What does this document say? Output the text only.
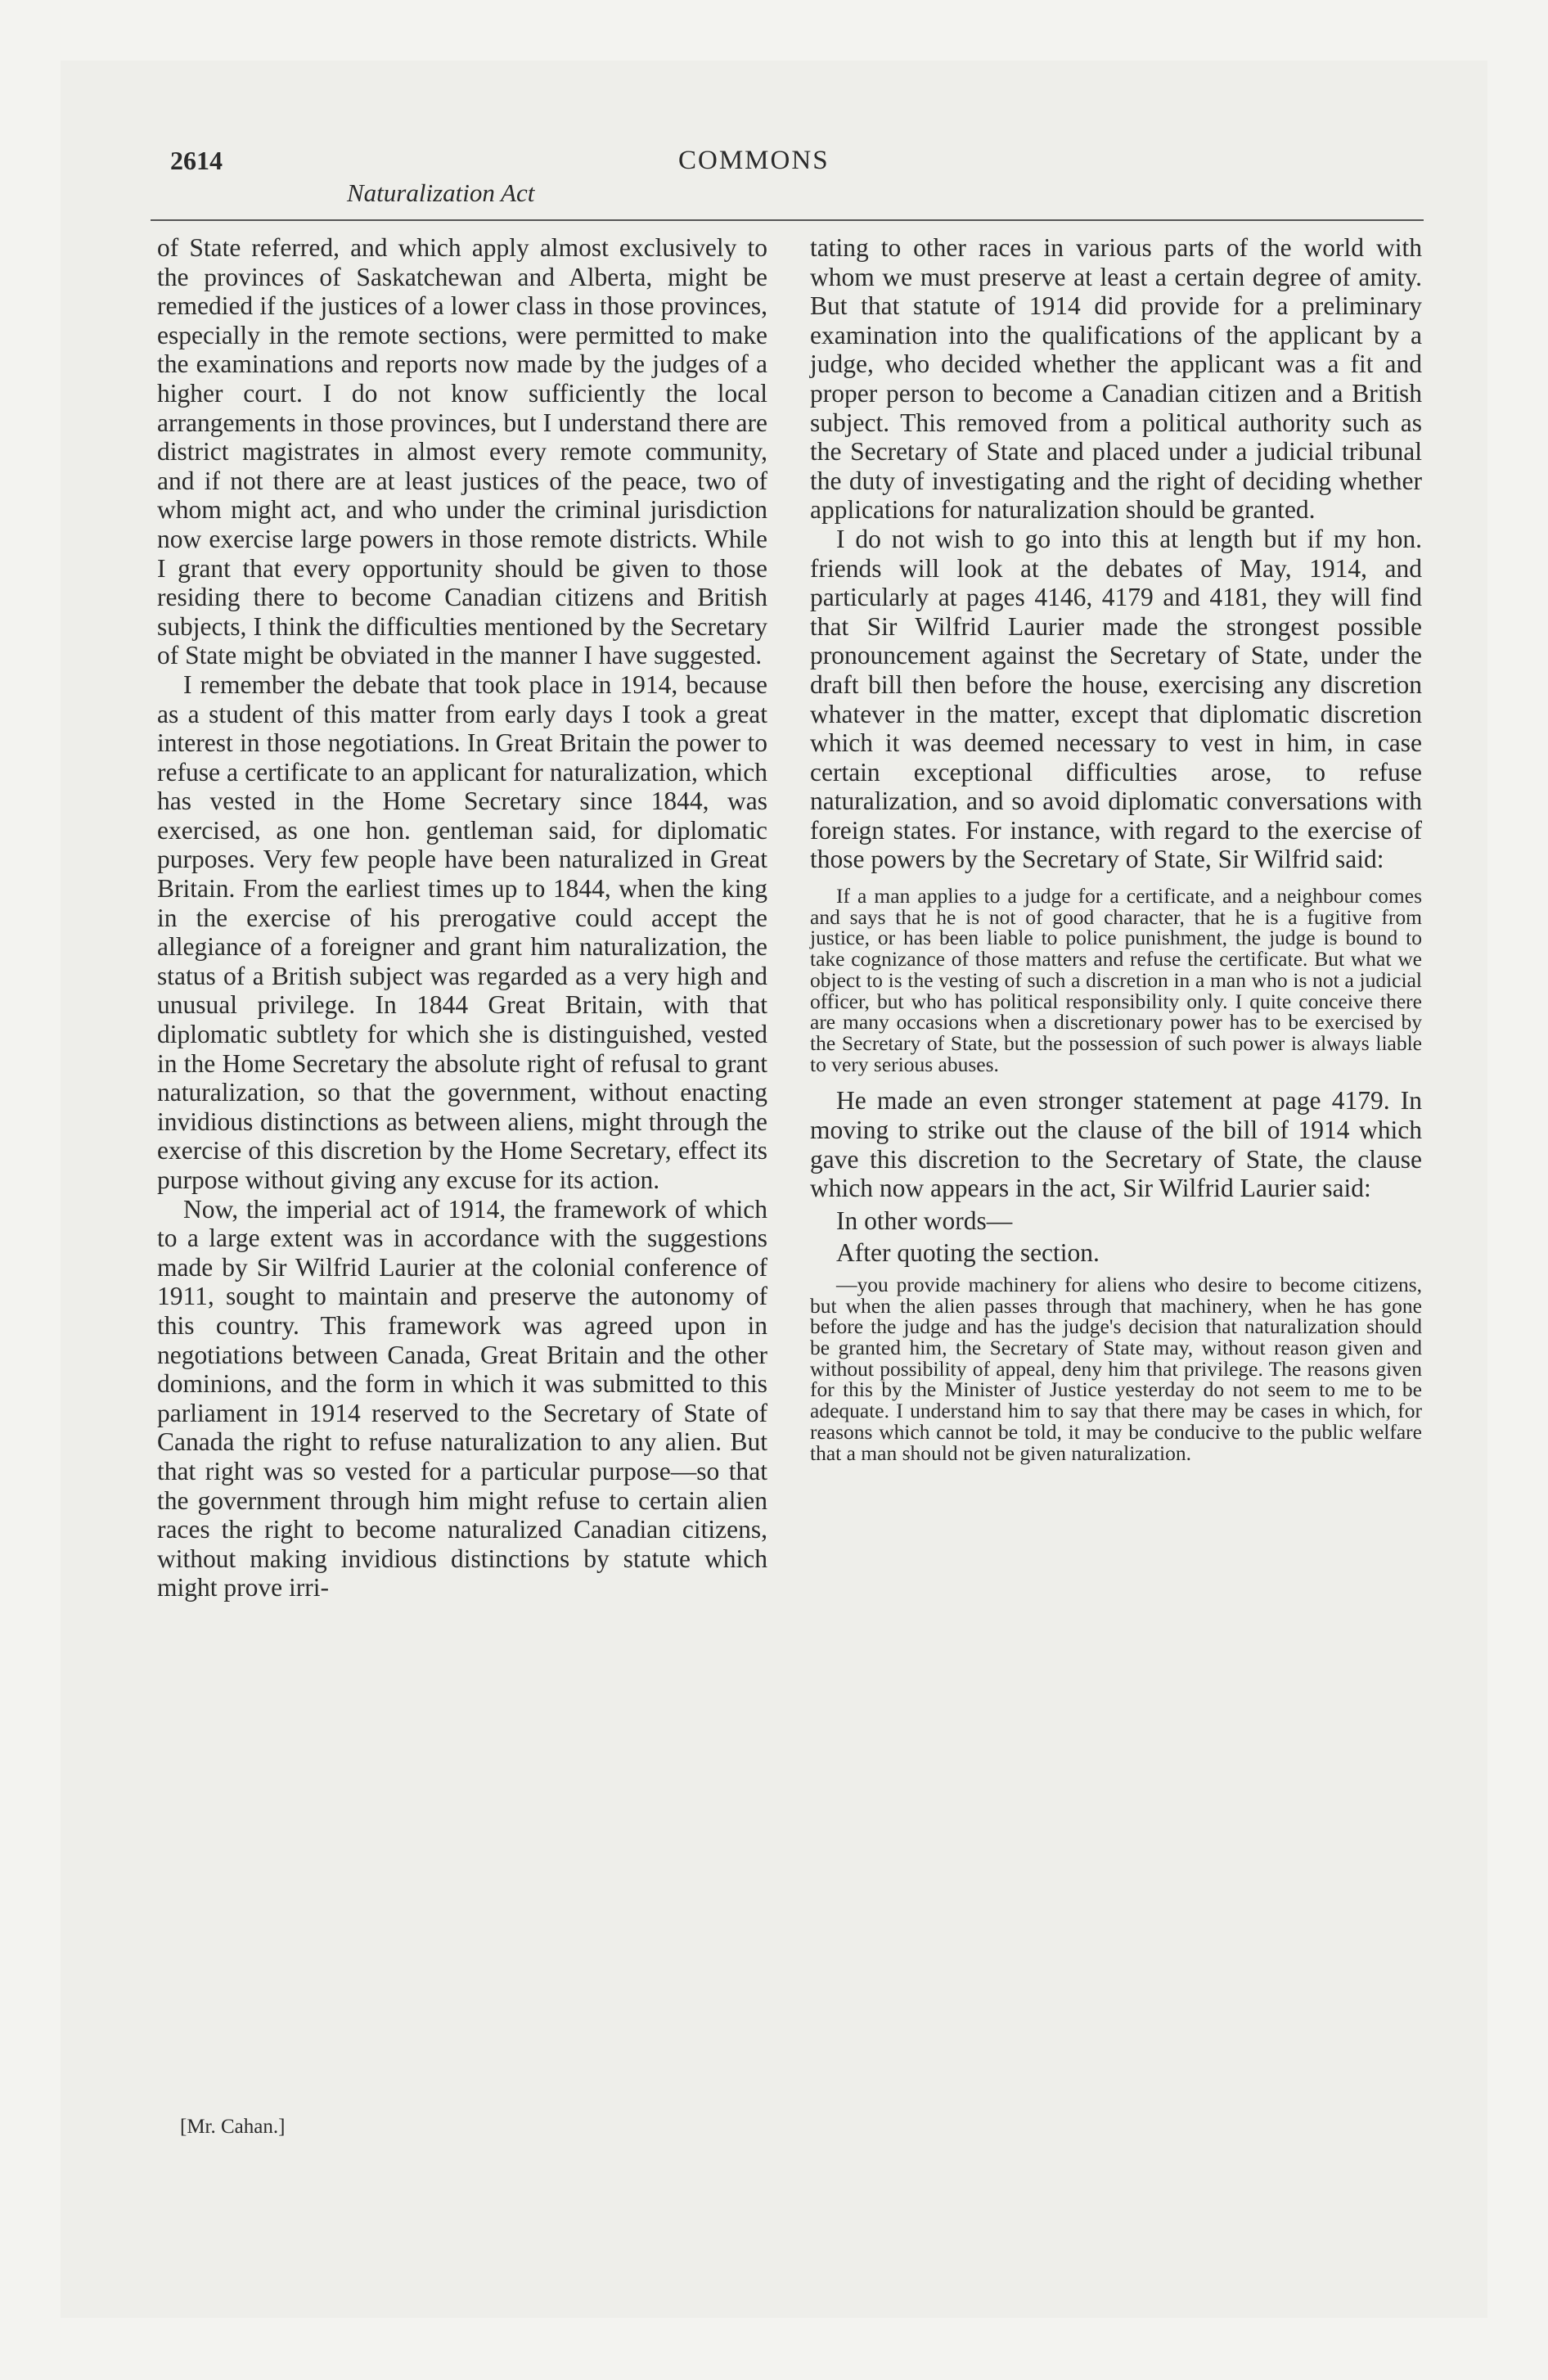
2614
Naturalization Act
COMMONS

of State referred, and which apply almost exclusively to the provinces of Saskatchewan and Alberta, might be remedied if the justices of a lower class in those provinces, especially in the remote sections, were permitted to make the examinations and reports now made by the judges of a higher court. I do not know sufficiently the local arrangements in those provinces, but I understand there are district magistrates in almost every remote community, and if not there are at least justices of the peace, two of whom might act, and who under the criminal jurisdiction now exercise large powers in those remote districts. While I grant that every opportunity should be given to those residing there to become Canadian citizens and British subjects, I think the difficulties mentioned by the Secretary of State might be obviated in the manner I have suggested.

I remember the debate that took place in 1914, because as a student of this matter from early days I took a great interest in those negotiations. In Great Britain the power to refuse a certificate to an applicant for naturalization, which has vested in the Home Secretary since 1844, was exercised, as one hon. gentleman said, for diplomatic purposes. Very few people have been naturalized in Great Britain. From the earliest times up to 1844, when the king in the exercise of his prerogative could accept the allegiance of a foreigner and grant him naturalization, the status of a British subject was regarded as a very high and unusual privilege. In 1844 Great Britain, with that diplomatic subtlety for which she is distinguished, vested in the Home Secretary the absolute right of refusal to grant naturalization, so that the government, without enacting invidious distinctions as between aliens, might through the exercise of this discretion by the Home Secretary, effect its purpose without giving any excuse for its action.

Now, the imperial act of 1914, the framework of which to a large extent was in accordance with the suggestions made by Sir Wilfrid Laurier at the colonial conference of 1911, sought to maintain and preserve the autonomy of this country. This framework was agreed upon in negotiations between Canada, Great Britain and the other dominions, and the form in which it was submitted to this parliament in 1914 reserved to the Secretary of State of Canada the right to refuse naturalization to any alien. But that right was so vested for a particular purpose—so that the government through him might refuse to certain alien races the right to become naturalized Canadian citizens, without making invidious distinctions by statute which might prove irri-

[Mr. Cahan.]

tating to other races in various parts of the world with whom we must preserve at least a certain degree of amity. But that statute of 1914 did provide for a preliminary examination into the qualifications of the applicant by a judge, who decided whether the applicant was a fit and proper person to become a Canadian citizen and a British subject. This removed from a political authority such as the Secretary of State and placed under a judicial tribunal the duty of investigating and the right of deciding whether applications for naturalization should be granted.

I do not wish to go into this at length but if my hon. friends will look at the debates of May, 1914, and particularly at pages 4146, 4179 and 4181, they will find that Sir Wilfrid Laurier made the strongest possible pronouncement against the Secretary of State, under the draft bill then before the house, exercising any discretion whatever in the matter, except that diplomatic discretion which it was deemed necessary to vest in him, in case certain exceptional difficulties arose, to refuse naturalization, and so avoid diplomatic conversations with foreign states. For instance, with regard to the exercise of those powers by the Secretary of State, Sir Wilfrid said:

If a man applies to a judge for a certificate, and a neighbour comes and says that he is not of good character, that he is a fugitive from justice, or has been liable to police punishment, the judge is bound to take cognizance of those matters and refuse the certificate. But what we object to is the vesting of such a discretion in a man who is not a judicial officer, but who has political responsibility only. I quite conceive there are many occasions when a discretionary power has to be exercised by the Secretary of State, but the possession of such power is always liable to very serious abuses.

He made an even stronger statement at page 4179. In moving to strike out the clause of the bill of 1914 which gave this discretion to the Secretary of State, the clause which now appears in the act, Sir Wilfrid Laurier said:

In other words—

After quoting the section.

—you provide machinery for aliens who desire to become citizens, but when the alien passes through that machinery, when he has gone before the judge and has the judge's decision that naturalization should be granted him, the Secretary of State may, without reason given and without possibility of appeal, deny him that privilege. The reasons given for this by the Minister of Justice yesterday do not seem to me to be adequate. I understand him to say that there may be cases in which, for reasons which cannot be told, it may be conducive to the public welfare that a man should not be given naturalization.
